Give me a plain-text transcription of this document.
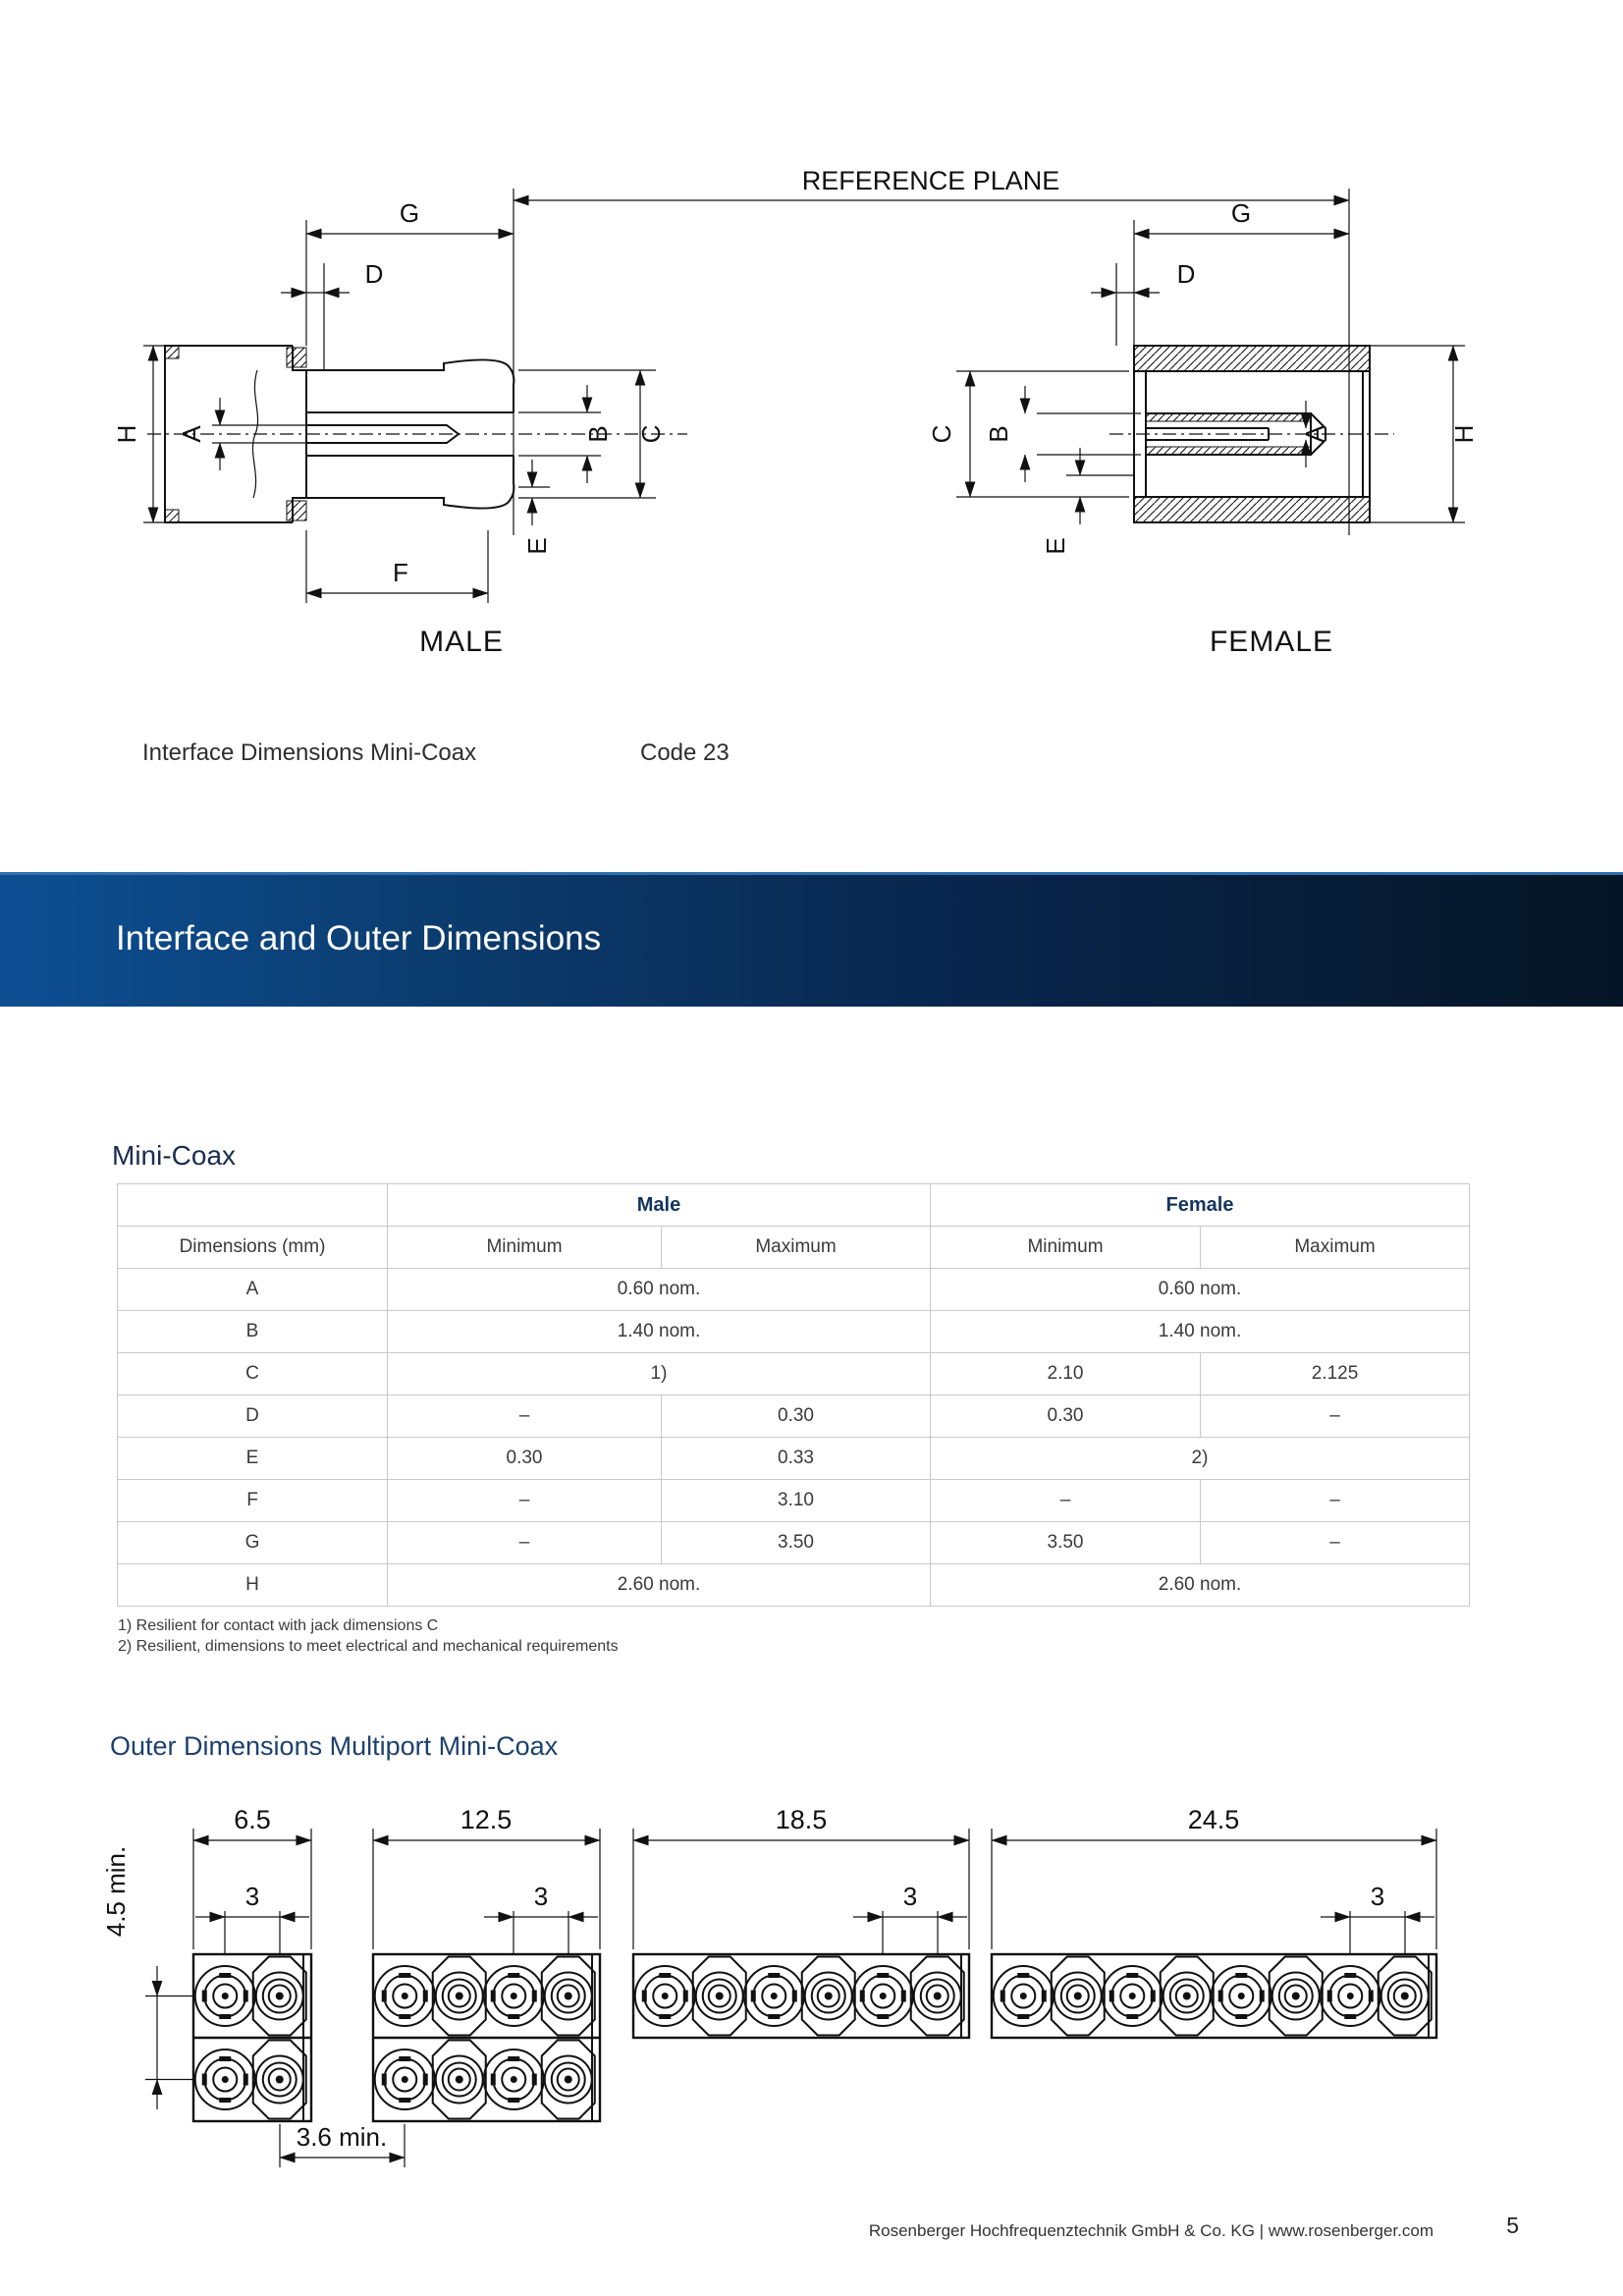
REFERENCE PLANE
G
D
H A	B C
E
F
MALE
G
D
C B
E
A	H
FEMALE
Interface Dimensions Mini-Coax	Code 23
Interface and Outer Dimensions
Mini-Coax
	Male		Female	
Dimensions (mm)	Minimum	Maximum	Minimum	Maximum
A	0.60 nom.		0.60 nom.	
B	1.40 nom.		1.40 nom.	
C	1)		2.10	2.125
D	–	0.30	0.30	–
E	0.30	0.33	2)	
F	–	3.10	–	–
G	–	3.50	3.50	–
H	2.60 nom.		2.60 nom.	
1) Resilient for contact with jack dimensions C
2) Resilient, dimensions to meet electrical and mechanical requirements
Outer Dimensions Multiport Mini-Coax
6.5	12.5	18.5	24.5
3	3	3	3
4.5 min.
3.6 min.
Rosenberger Hochfrequenztechnik GmbH & Co. KG | www.rosenberger.com	5
